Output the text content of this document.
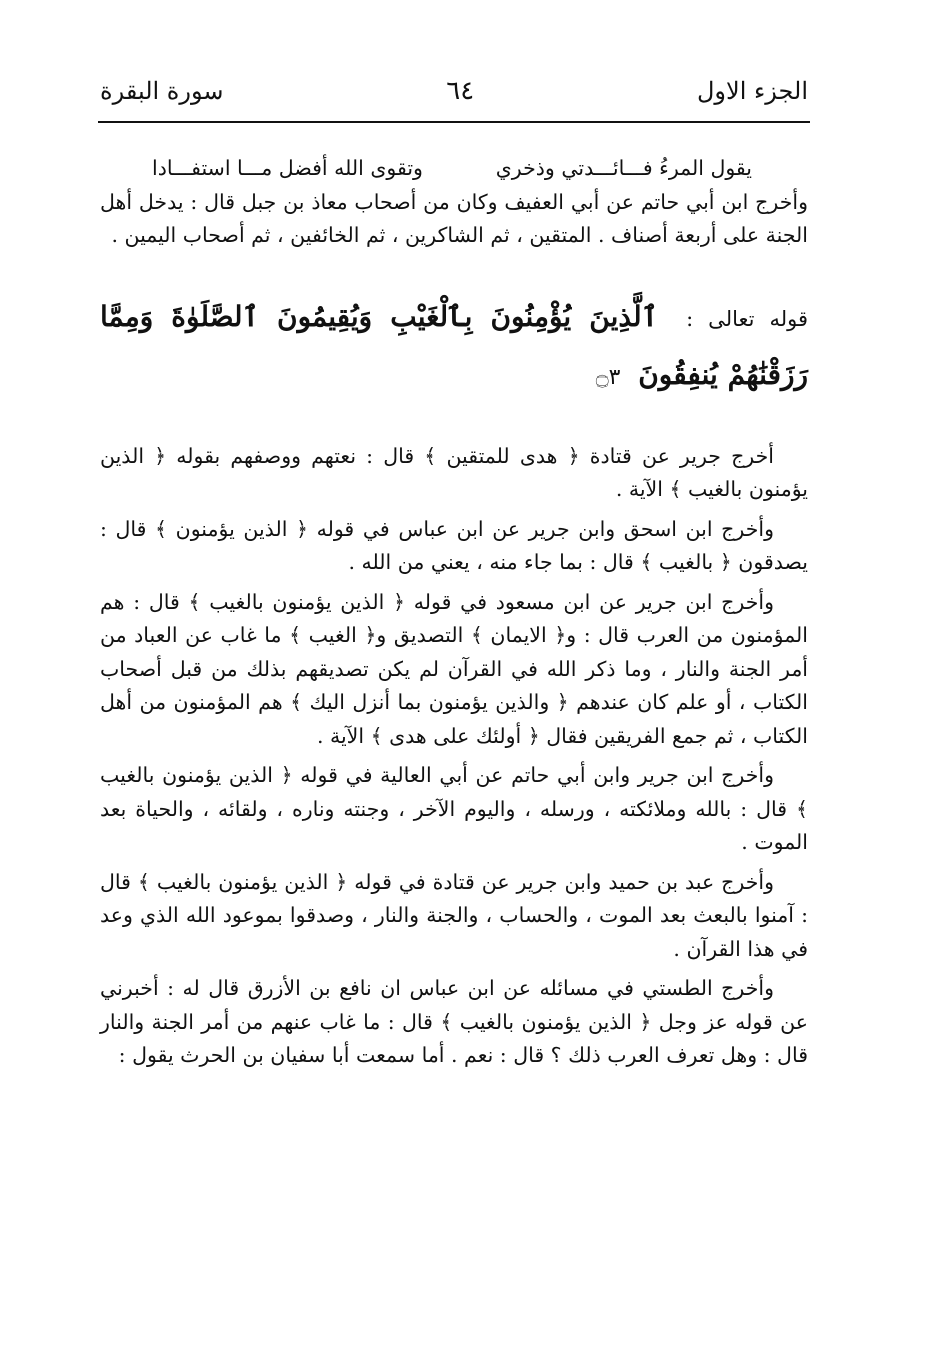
الجزء الاول
٦٤
سورة البقرة
يقول المرءُ فـــائـــدتي وذخري
وتقوى الله أفضل مـــا استفـــادا

وأخرج ابن أبي حاتم عن أبي العفيف وكان من أصحاب معاذ بن جبل قال : يدخل أهل الجنة على أربعة أصناف . المتقين ، ثم الشاكرين ، ثم الخائفين ، ثم أصحاب اليمين .

قوله تعالى : ٱلَّذِينَ يُؤْمِنُونَ بِٱلْغَيْبِ وَيُقِيمُونَ ٱلصَّلَوٰةَ وَمِمَّا رَزَقْنَٰهُمْ يُنفِقُونَ ۝٣

أخرج جرير عن قتادة ﴿ هدى للمتقين ﴾ قال : نعتهم ووصفهم بقوله ﴿ الذين يؤمنون بالغيب ﴾ الآية .

وأخرج ابن اسحق وابن جرير عن ابن عباس في قوله ﴿ الذين يؤمنون ﴾ قال : يصدقون ﴿ بالغيب ﴾ قال : بما جاء منه ، يعني من الله .

وأخرج ابن جرير عن ابن مسعود في قوله ﴿ الذين يؤمنون بالغيب ﴾ قال : هم المؤمنون من العرب قال : و﴿ الايمان ﴾ التصديق و﴿ الغيب ﴾ ما غاب عن العباد من أمر الجنة والنار ، وما ذكر الله في القرآن لم يكن تصديقهم بذلك من قبل أصحاب الكتاب ، أو علم كان عندهم ﴿ والذين يؤمنون بما أنزل اليك ﴾ هم المؤمنون من أهل الكتاب ، ثم جمع الفريقين فقال ﴿ أولئك على هدى ﴾ الآية .

وأخرج ابن جرير وابن أبي حاتم عن أبي العالية في قوله ﴿ الذين يؤمنون بالغيب ﴾ قال : بالله وملائكته ، ورسله ، واليوم الآخر ، وجنته وناره ، ولقائه ، والحياة بعد الموت .

وأخرج عبد بن حميد وابن جرير عن قتادة في قوله ﴿ الذين يؤمنون بالغيب ﴾ قال : آمنوا بالبعث بعد الموت ، والحساب ، والجنة والنار ، وصدقوا بموعود الله الذي وعد في هذا القرآن .

وأخرج الطستي في مسائله عن ابن عباس ان نافع بن الأزرق قال له : أخبرني عن قوله عز وجل ﴿ الذين يؤمنون بالغيب ﴾ قال : ما غاب عنهم من أمر الجنة والنار قال : وهل تعرف العرب ذلك ؟ قال : نعم . أما سمعت أبا سفيان بن الحرث يقول :
